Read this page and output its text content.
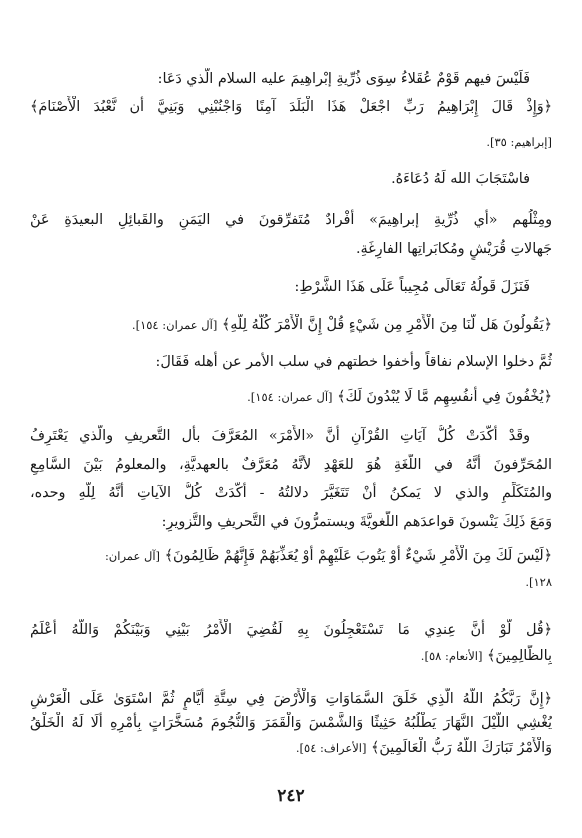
فَلَيْسَ فيهم قَوْمٌ عُقَلاءُ سِوَى ذُرِّيةِ إبْراهِيمَ عليه السلام الَّذي دَعَا:
﴿وَإِذْ قَالَ إِبْرَاهِيمُ رَبِّ اجْعَلْ هَذَا الْبَلَدَ آمِنًا وَاجْنُبْنِي وَبَنِيَّ أَن نَّعْبُدَ الْأَصْنَامَ﴾
[إبراهيم: ٣٥].
فاسْتَجَابَ الله لَهُ دُعَاءَهُ.
ومِثْلُهم «أي ذُرِّيةِ إبراهِيمَ» أَفْرادٌ مُتَفرِّقونَ في اليَمَنِ والقَبائِلِ البعيدَةِ عَنْ
جَهالاتِ قُرَيْشٍ ومُكابَراتِها الفارِغَةِ.
فَنَزَلَ قَولُهُ تَعَالَى مُجِيباً عَلَى هَذَا الشَّرْطِ:
﴿يَقُولُونَ هَل لَّنَا مِنَ الْأَمْرِ مِن شَيْءٍ قُلْ إِنَّ الْأَمْرَ كُلَّهُ لِلَّهِ﴾ [آل عمران: ١٥٤].
ثُمَّ دخلوا الإسلام نفاقاً وأخفوا خطتهم في سلب الأمر عن أهله فَقَالَ:
﴿يُخْفُونَ فِي أَنفُسِهِم مَّا لَا يُبْدُونَ لَكَ﴾ [آل عمران: ١٥٤].
وقَدْ أكَّدَتْ كُلُّ آيَاتِ القُرْآنِ أنَّ «الأَمْرَ» المُعَرَّفَ بأل التَّعريفِ والَّذي يَعْتَرِفُ
المُحَرِّفونَ أنَّهُ في اللُّغَةِ هُوَ للعَهْدِ لأنَّهُ مُعَرَّفٌ بالعهديَّةِ، والمعلومُ بَيْنَ السَّامِعِ
والمُتَكَلِّمِ والذي لا يَمكنُ أنْ تَتَغَيَّرَ دلالتُهُ - أكَّدَتْ كُلُّ الآياتِ أنَّهُ لِلَّهِ وحده،
وَمَعَ ذَلِكَ يَنْسونَ قواعدَهم اللُّغويَّةَ ويستمرُّونَ في التَّحريفِ والتَّزويرِ:
﴿لَيْسَ لَكَ مِنَ الْأَمْرِ شَيْءٌ أَوْ يَتُوبَ عَلَيْهِمْ أَوْ يُعَذِّبَهُمْ فَإِنَّهُمْ ظَالِمُونَ﴾ [آل عمران:
١٢٨].
﴿قُل لَّوْ أَنَّ عِندِي مَا تَسْتَعْجِلُونَ بِهِ لَقُضِيَ الْأَمْرُ بَيْنِي وَبَيْنَكُمْ وَاللَّهُ أَعْلَمُ
بِالظَّالِمِينَ﴾ [الأنعام: ٥٨].
﴿إِنَّ رَبَّكُمُ اللَّهُ الَّذِي خَلَقَ السَّمَاوَاتِ وَالْأَرْضَ فِي سِتَّةِ أَيَّامٍ ثُمَّ اسْتَوَىٰ عَلَى الْعَرْشِ
يُغْشِي اللَّيْلَ النَّهَارَ يَطْلُبُهُ حَثِيثًا وَالشَّمْسَ وَالْقَمَرَ وَالنُّجُومَ مُسَخَّرَاتٍ بِأَمْرِهِ أَلَا لَهُ الْخَلْقُ
وَالْأَمْرُ تَبَارَكَ اللَّهُ رَبُّ الْعَالَمِينَ﴾ [الأعراف: ٥٤].
٢٤٢
